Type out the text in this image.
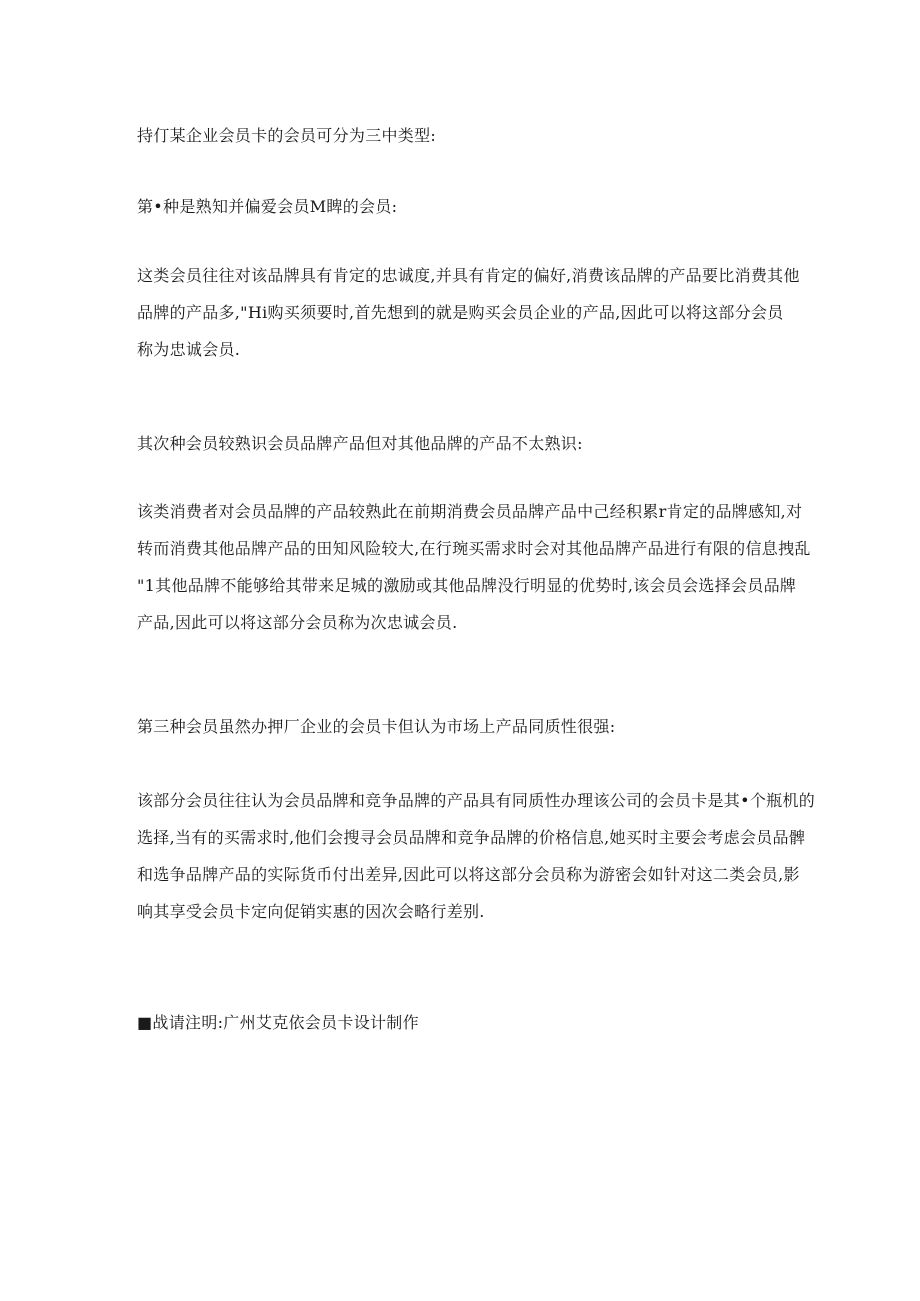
持仃某企业会员卡的会员可分为三中类型:
第•种是熟知并偏爱会员M睥的会员:
这类会员往往对该品牌具有肯定的忠诚度,并具有肯定的偏好,消费该品牌的产品要比消费其他
品牌的产品多,"Hi购买须要时,首先想到的就是购买会员企业的产品,因此可以将这部分会员
称为忠诚会员.
其次种会员较熟识会员品牌产品但对其他品牌的产品不太熟识:
该类消费者对会员品牌的产品较熟此在前期消费会员品牌产品中己经积累r肯定的品牌感知,对
转而消费其他品牌产品的田知风险较大,在行琬买需求时会对其他品牌产品进行有限的信息拽乱
"1其他品牌不能够给其带来足城的激励或其他品牌没行明显的优势时,该会员会选择会员品牌
产品,因此可以将这部分会员称为次忠诚会员.
第三种会员虽然办押厂企业的会员卡但认为市场上产品同质性很强:
该部分会员往往认为会员品牌和竞争品牌的产品具有同质性办理该公司的会员卡是其•个瓶机的
选择,当有的买需求时,他们会搜寻会员品牌和竞争品牌的价格信息,她买时主要会考虑会员品髀
和选争品牌产品的实际货币付出差异,因此可以将这部分会员称为游密会如针对这二类会员,影
响其享受会员卡定向促销实惠的因次会略行差别.
■战请注明:广州艾克依会员卡设计制作
